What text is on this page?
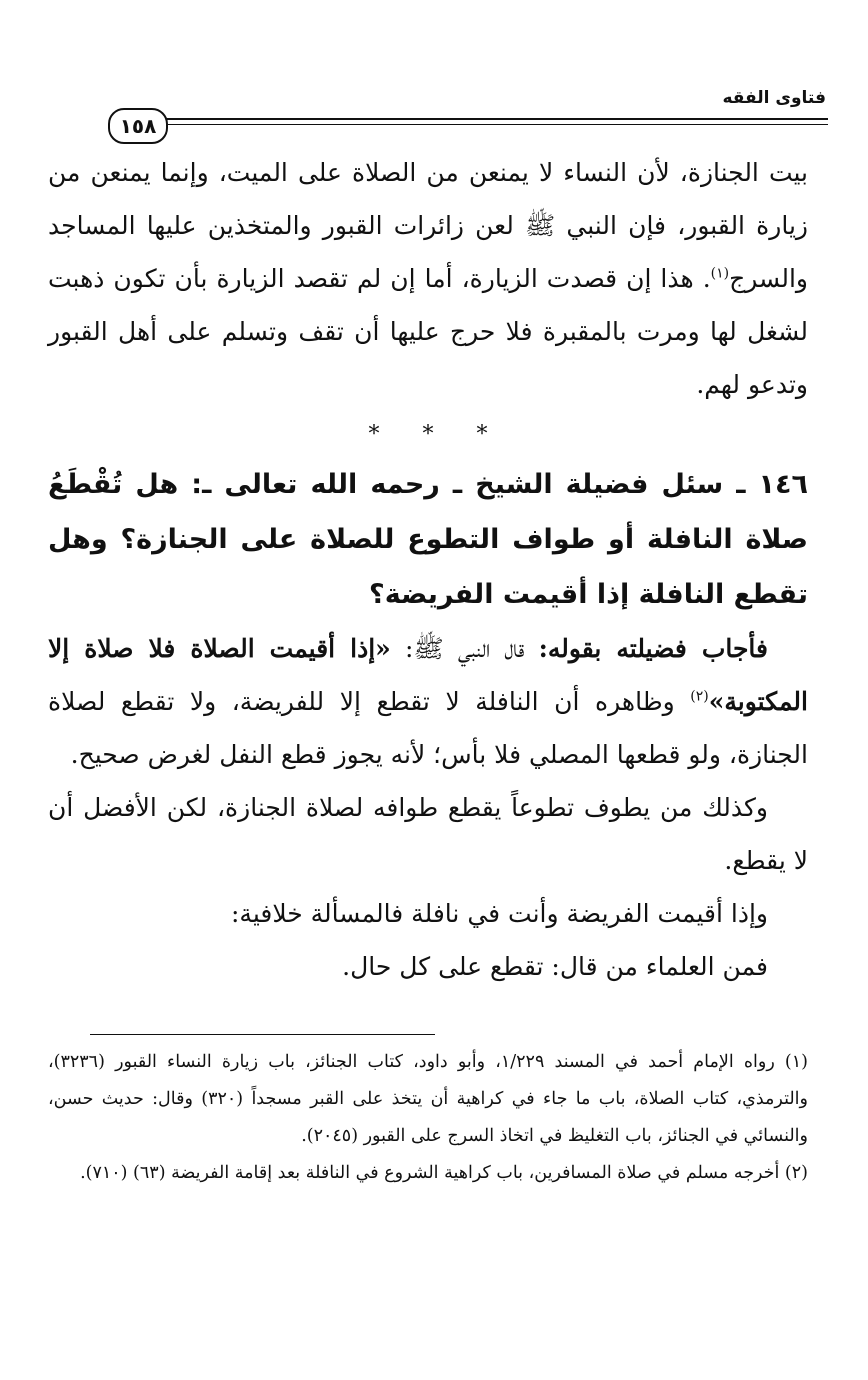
فتاوى الفقه
١٥٨

بيت الجنازة، لأن النساء لا يمنعن من الصلاة على الميت، وإنما يمنعن من زيارة القبور، فإن النبي ﷺ لعن زائرات القبور والمتخذين عليها المساجد والسرج$^{(١)}$. هذا إن قصدت الزيارة، أما إن لم تقصد الزيارة بأن تكون ذهبت لشغل لها ومرت بالمقبرة فلا حرج عليها أن تقف وتسلم على أهل القبور وتدعو لهم.

* * *

١٤٦ ـ سئل فضيلة الشيخ ـ رحمه الله تعالى ـ: هل تُقْطَعُ صلاة النافلة أو طواف التطوع للصلاة على الجنازة؟ وهل تقطع النافلة إذا أقيمت الفريضة؟

فأجاب فضيلته بقوله: قال النبي ﷺ: «إذا أقيمت الصلاة فلا صلاة إلا المكتوبة»$^{(٢)}$ وظاهره أن النافلة لا تقطع إلا للفريضة، ولا تقطع لصلاة الجنازة، ولو قطعها المصلي فلا بأس؛ لأنه يجوز قطع النفل لغرض صحيح.

وكذلك من يطوف تطوعاً يقطع طوافه لصلاة الجنازة، لكن الأفضل أن لا يقطع.

وإذا أقيمت الفريضة وأنت في نافلة فالمسألة خلافية:

فمن العلماء من قال: تقطع على كل حال.

(١) رواه الإمام أحمد في المسند ١/٢٢٩، وأبو داود، كتاب الجنائز، باب زيارة النساء القبور (٣٢٣٦)، والترمذي، كتاب الصلاة، باب ما جاء في كراهية أن يتخذ على القبر مسجداً (٣٢٠) وقال: حديث حسن، والنسائي في الجنائز، باب التغليظ في اتخاذ السرج على القبور (٢٠٤٥).

(٢) أخرجه مسلم في صلاة المسافرين، باب كراهية الشروع في النافلة بعد إقامة الفريضة (٦٣) (٧١٠).
